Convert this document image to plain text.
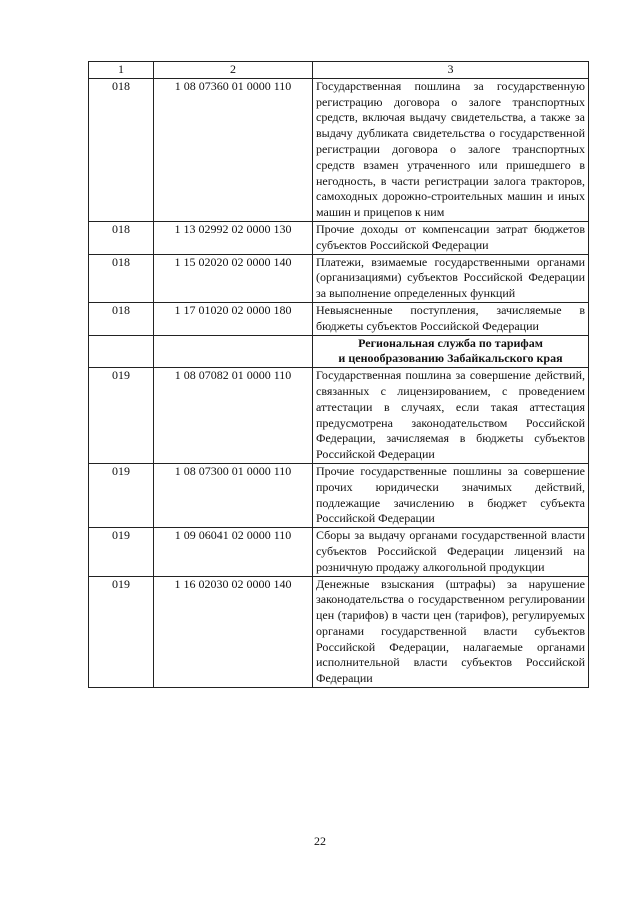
1	2	3
018	1 08 07360 01 0000 110	Государственная пошлина за государственную регистрацию договора о залоге транспортных средств, включая выдачу свидетельства, а также за выдачу дубликата свидетельства о государственной регистрации договора о залоге транспортных средств взамен утраченного или пришедшего в негодность, в части регистрации залога тракторов, самоходных дорожно-строительных машин и иных машин и прицепов к ним
018	1 13 02992 02 0000 130	Прочие доходы от компенсации затрат бюджетов субъектов Российской Федерации
018	1 15 02020 02 0000 140	Платежи, взимаемые государственными органами (организациями) субъектов Российской Федерации за выполнение определенных функций
018	1 17 01020 02 0000 180	Невыясненные поступления, зачисляемые в бюджеты субъектов Российской Федерации

		Региональная служба по тарифам
и ценообразованию Забайкальского края

019	1 08 07082 01 0000 110	Государственная пошлина за совершение действий, связанных с лицензированием, с проведением аттестации в случаях, если такая аттестация предусмотрена законодательством Российской Федерации, зачисляемая в бюджеты субъектов Российской Федерации
019	1 08 07300 01 0000 110	Прочие государственные пошлины за совершение прочих юридически значимых действий, подлежащие зачислению в бюджет субъекта Российской Федерации
019	1 09 06041 02 0000 110	Сборы за выдачу органами государственной власти субъектов Российской Федерации лицензий на розничную продажу алкогольной продукции
019	1 16 02030 02 0000 140	Денежные взыскания (штрафы) за нарушение законодательства о государственном регулировании цен (тарифов) в части цен (тарифов), регулируемых органами государственной власти субъектов Российской Федерации, налагаемые органами исполнительной власти субъектов Российской Федерации
22
